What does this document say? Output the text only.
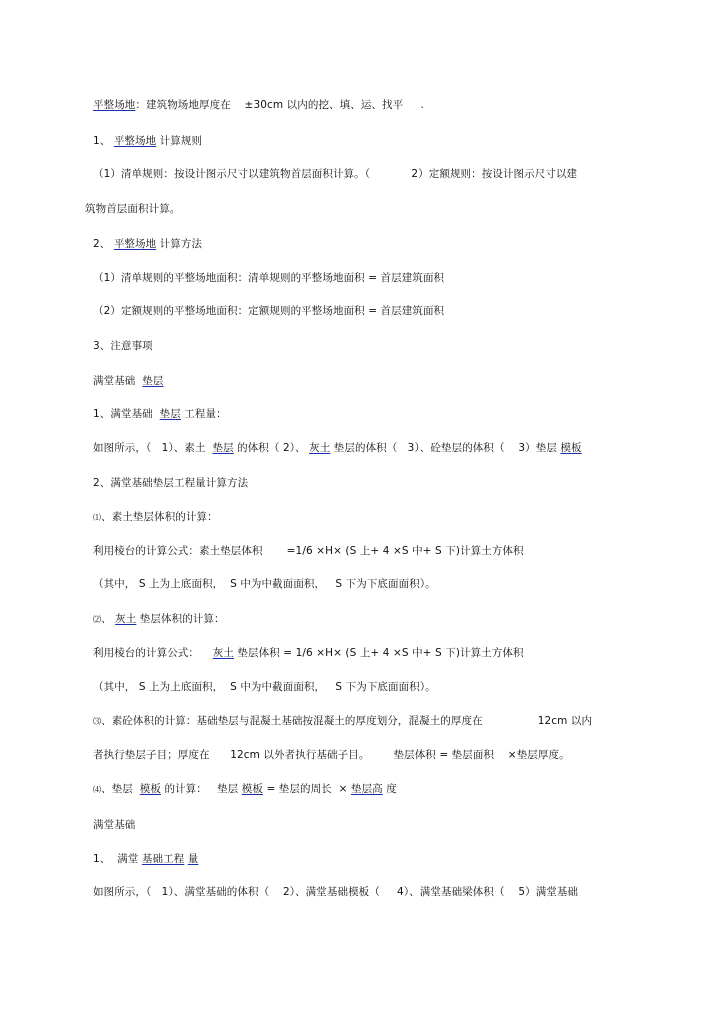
平整场地：建筑物场地厚度在    ±30cm 以内的挖、填、运、找平     .
1、 平整场地 计算规则
（1）清单规则：按设计图示尺寸以建筑物首层面积计算。（            2）定额规则：按设计图示尺寸以建
筑物首层面积计算。
2、 平整场地 计算方法
（1）清单规则的平整场地面积：清单规则的平整场地面积 = 首层建筑面积
（2）定额规则的平整场地面积：定额规则的平整场地面积 = 首层建筑面积
3、注意事项
满堂基础  垫层
1、满堂基础  垫层 工程量：
如图所示，（   1）、素土  垫层 的体积（ 2）、 灰土 垫层的体积（   3）、砼垫层的体积（    3）垫层 模板
2、满堂基础垫层工程量计算方法
⑴、素土垫层体积的计算：
利用棱台的计算公式：素土垫层体积       =1/6 ×H× (S 上+ 4 ×S 中+ S 下)计算土方体积
（其中， S 上为上底面积，  S 中为中截面面积，   S 下为下底面面积）。
⑵、 灰土 垫层体积的计算：
利用棱台的计算公式：    灰土 垫层体积 = 1/6 ×H× (S 上+ 4 ×S 中+ S 下)计算土方体积
（其中， S 上为上底面积，  S 中为中截面面积，   S 下为下底面面积）。
⑶、素砼体积的计算：基础垫层与混凝土基础按混凝土的厚度划分，混凝土的厚度在                12cm 以内
者执行垫层子目；厚度在      12cm 以外者执行基础子目。       垫层体积 = 垫层面积    ×垫层厚度。
⑷、垫层  模板 的计算：   垫层 模板 = 垫层的周长  × 垫层高 度
满堂基础
1、  满堂 基础工程 量
如图所示，（   1）、满堂基础的体积（    2）、满堂基础模板（     4）、满堂基础梁体积（    5）满堂基础
